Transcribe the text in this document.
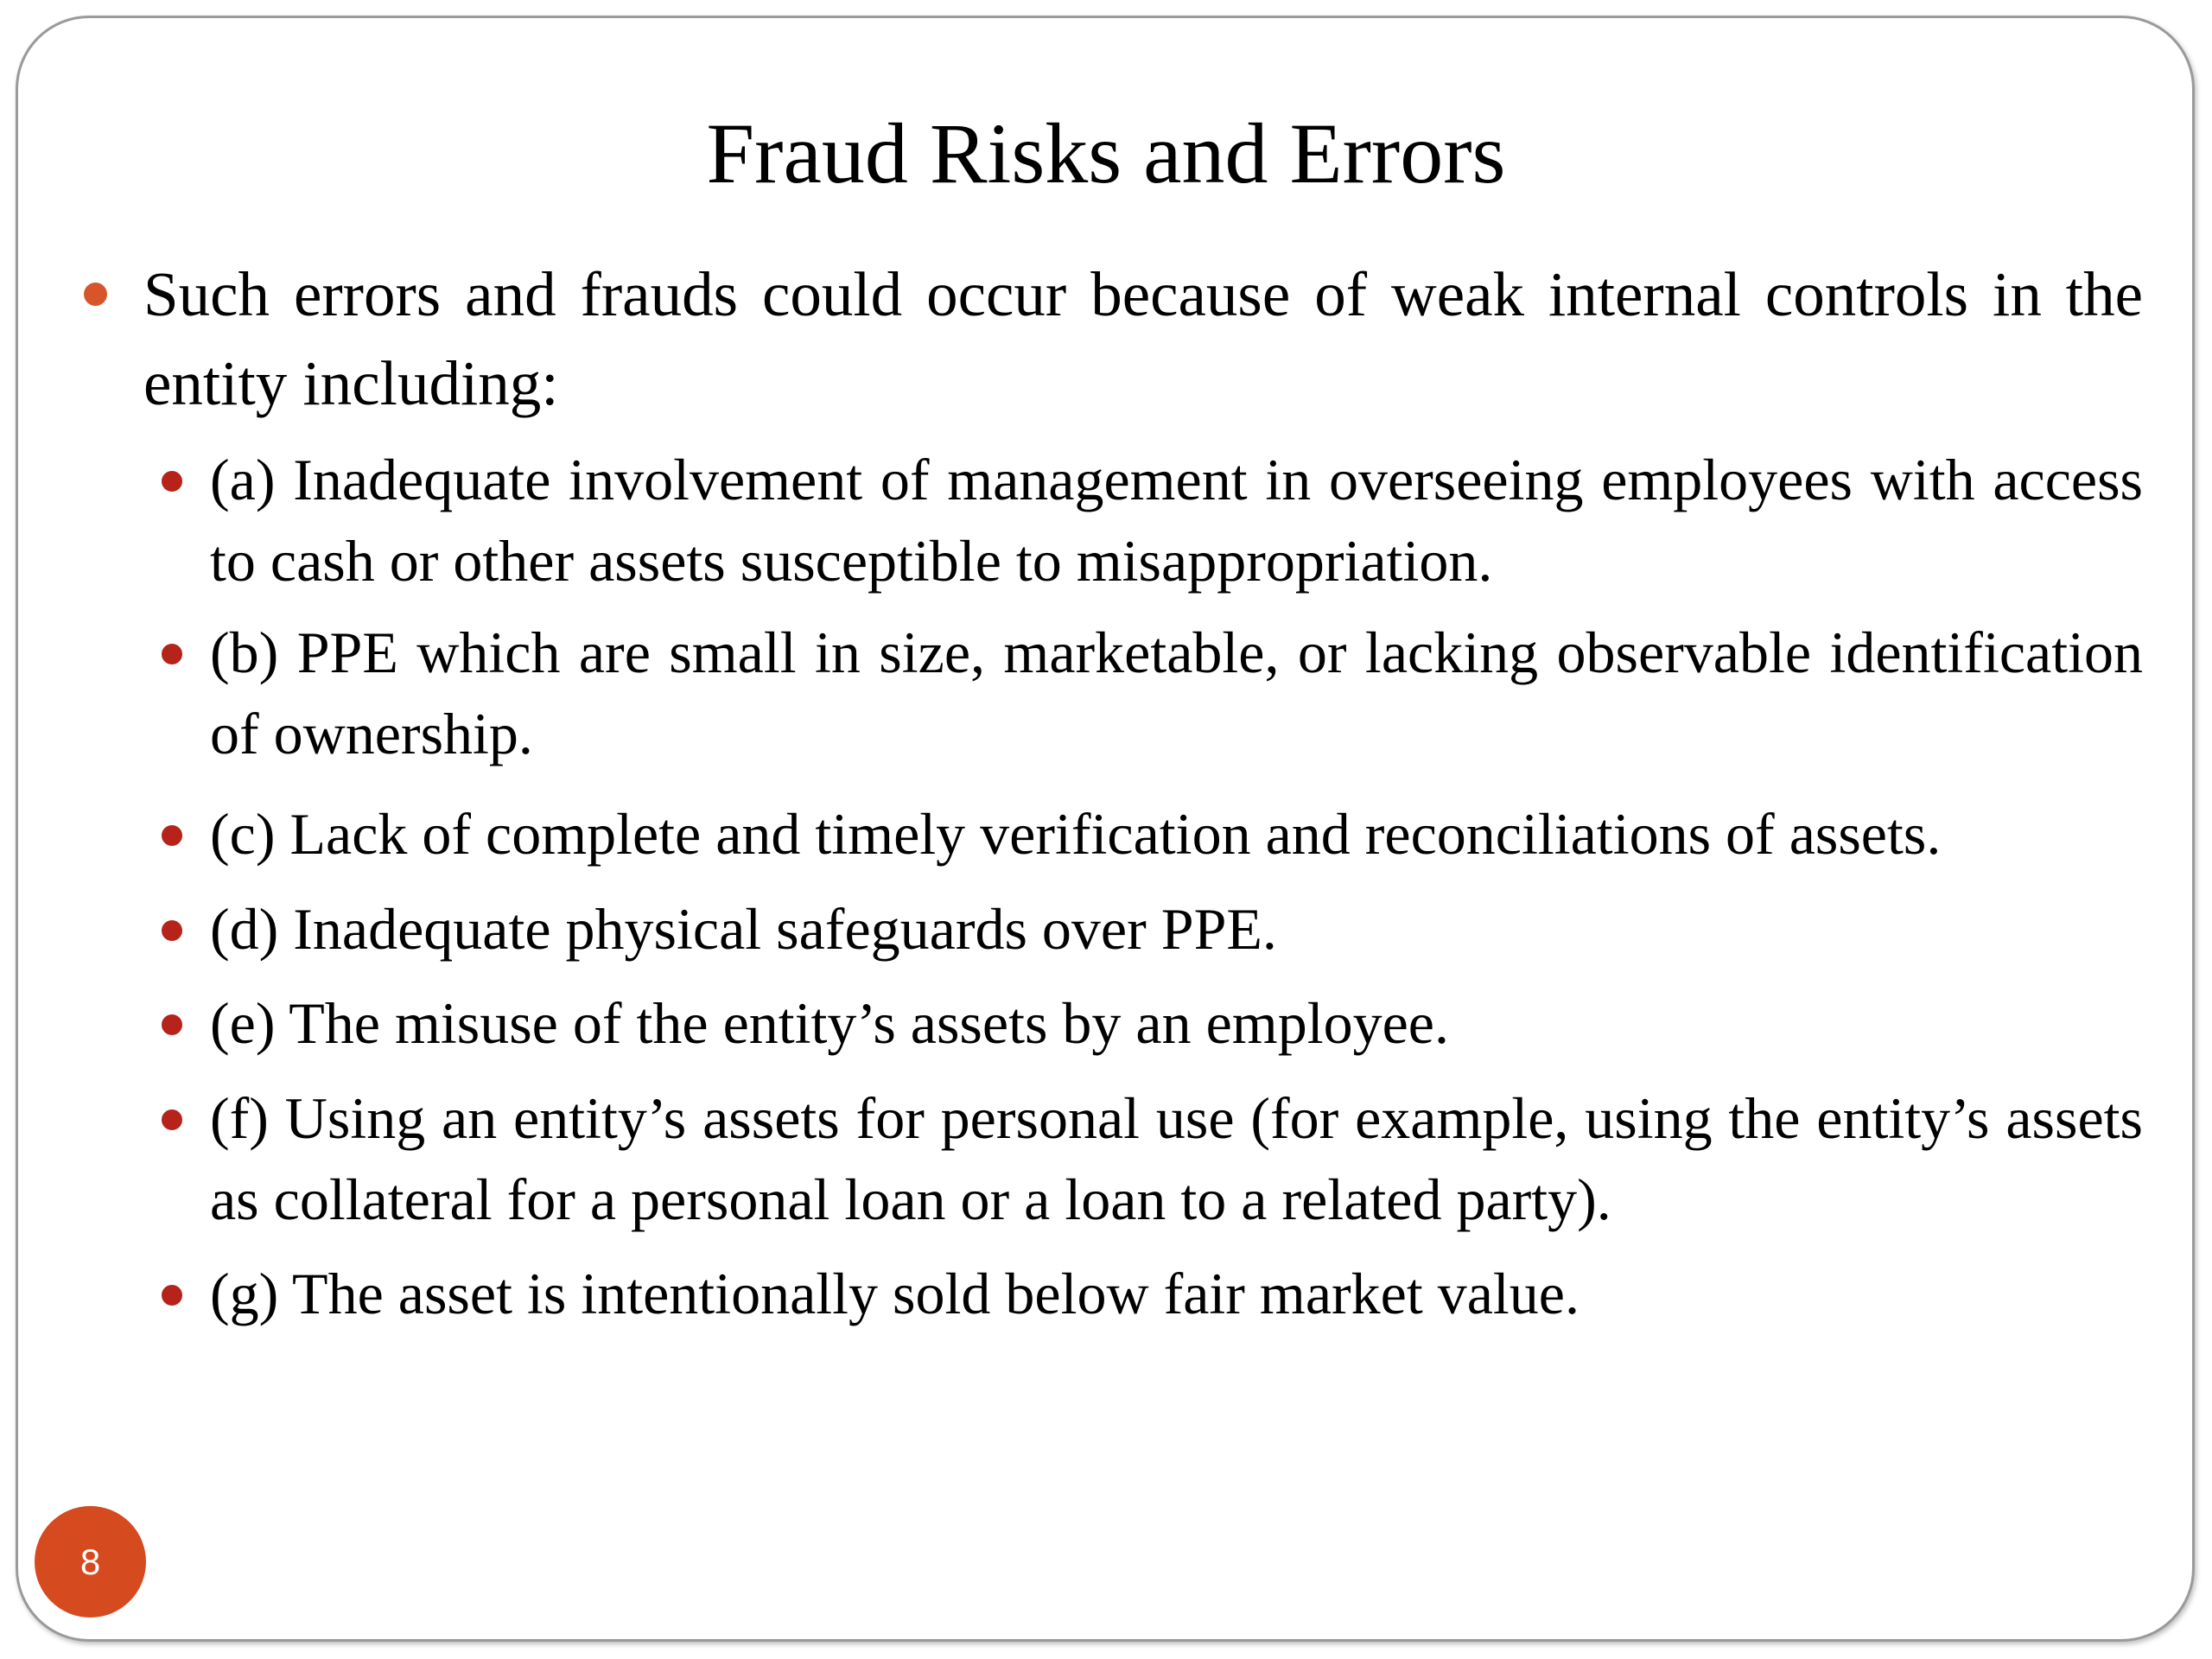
Fraud Risks and Errors
Such errors and frauds could occur because of weak internal controls in the entity including:
(a) Inadequate involvement of management in overseeing employees with access to cash or other assets susceptible to misappropriation.
(b) PPE which are small in size, marketable, or lacking observable identification of ownership.
(c) Lack of complete and timely verification and reconciliations of assets.
(d) Inadequate physical safeguards over PPE.
(e) The misuse of the entity’s assets by an employee.
(f) Using an entity’s assets for personal use (for example, using the entity’s assets as collateral for a personal loan or a loan to a related party).
(g) The asset is intentionally sold below fair market value.
8
